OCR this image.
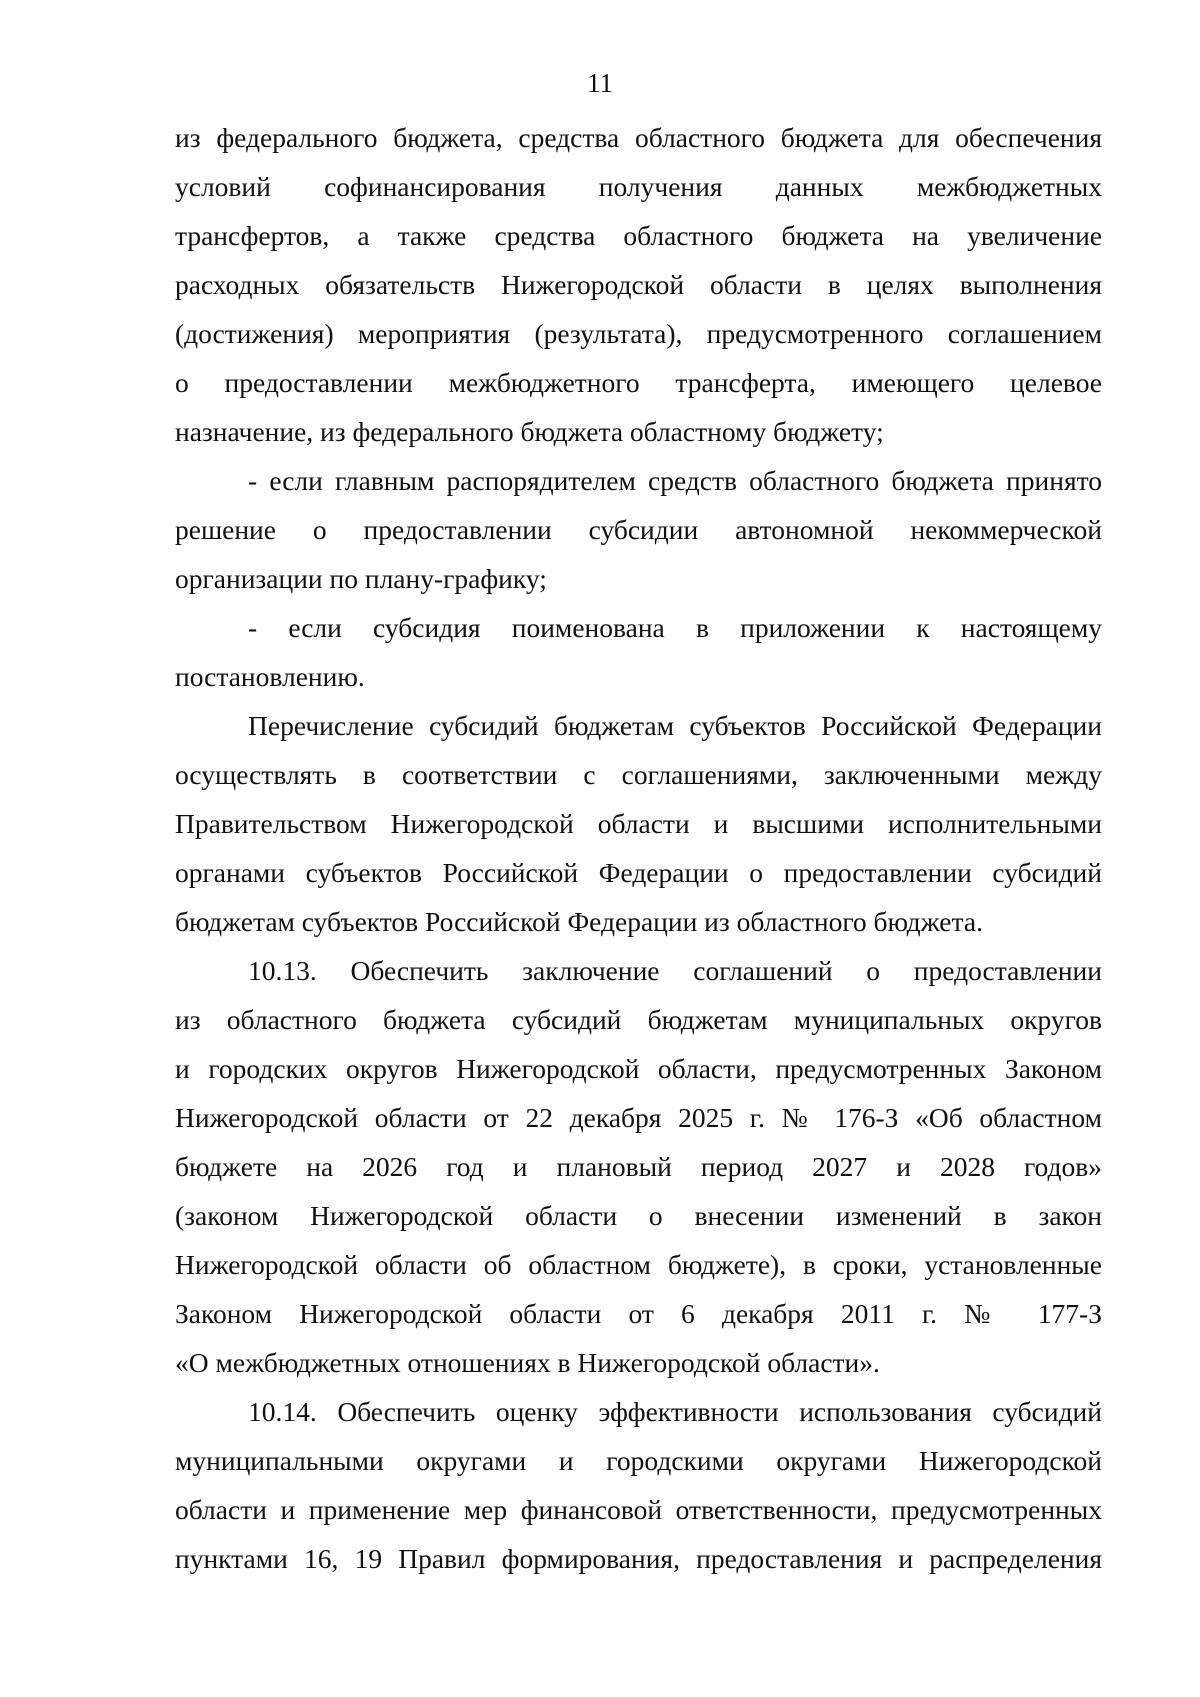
11
из федерального бюджета, средства областного бюджета для обеспечения
условий софинансирования получения данных межбюджетных
трансфертов, а также средства областного бюджета на увеличение
расходных обязательств Нижегородской области в целях выполнения
(достижения) мероприятия (результата), предусмотренного соглашением
о предоставлении межбюджетного трансферта, имеющего целевое
назначение, из федерального бюджета областному бюджету;
- если главным распорядителем средств областного бюджета принято
решение о предоставлении субсидии автономной некоммерческой
организации по плану-графику;
- если субсидия поименована в приложении к настоящему
постановлению.
Перечисление субсидий бюджетам субъектов Российской Федерации
осуществлять в соответствии с соглашениями, заключенными между
Правительством Нижегородской области и высшими исполнительными
органами субъектов Российской Федерации о предоставлении субсидий
бюджетам субъектов Российской Федерации из областного бюджета.
10.13. Обеспечить заключение соглашений о предоставлении
из областного бюджета субсидий бюджетам муниципальных округов
и городских округов Нижегородской области, предусмотренных Законом
Нижегородской области от 22 декабря 2025 г. № 176-З «Об областном
бюджете на 2026 год и плановый период 2027 и 2028 годов»
(законом Нижегородской области о внесении изменений в закон
Нижегородской области об областном бюджете), в сроки, установленные
Законом Нижегородской области от 6 декабря 2011 г. № 177-З
«О межбюджетных отношениях в Нижегородской области».
10.14. Обеспечить оценку эффективности использования субсидий
муниципальными округами и городскими округами Нижегородской
области и применение мер финансовой ответственности, предусмотренных
пунктами 16, 19 Правил формирования, предоставления и распределения
